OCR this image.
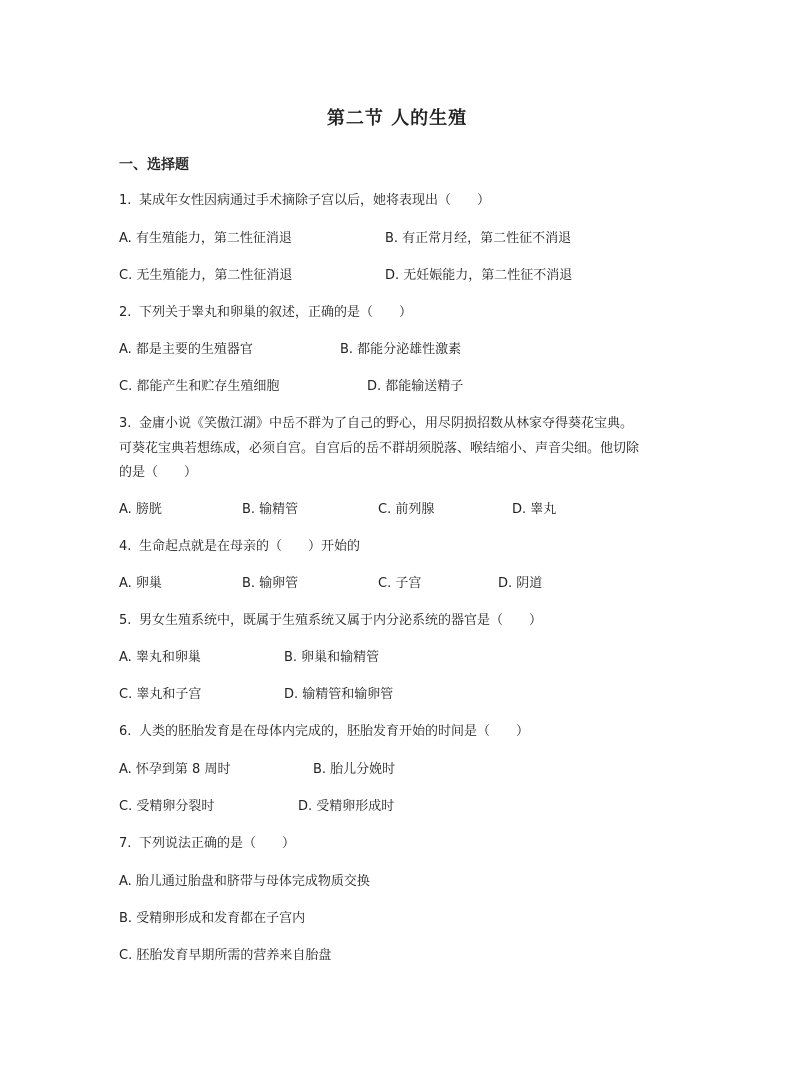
第二节 人的生殖
一、选择题
1. 某成年女性因病通过手术摘除子宫以后，她将表现出（　　）
A. 有生殖能力，第二性征消退	B. 有正常月经，第二性征不消退
C. 无生殖能力，第二性征消退	D. 无妊娠能力，第二性征不消退
2. 下列关于睾丸和卵巢的叙述，正确的是（　　）
A. 都是主要的生殖器官	B. 都能分泌雄性激素
C. 都能产生和贮存生殖细胞	D. 都能输送精子
3. 金庸小说《笑傲江湖》中岳不群为了自己的野心，用尽阴损招数从林家夺得葵花宝典。
可葵花宝典若想练成，必须自宫。自宫后的岳不群胡须脱落、喉结缩小、声音尖细。他切除
的是（　　）
A. 膀胱	B. 输精管	C. 前列腺	D. 睾丸
4. 生命起点就是在母亲的（　　）开始的
A. 卵巢	B. 输卵管	C. 子宫	D. 阴道
5. 男女生殖系统中，既属于生殖系统又属于内分泌系统的器官是（　　）
A. 睾丸和卵巢	B. 卵巢和输精管
C. 睾丸和子宫	D. 输精管和输卵管
6. 人类的胚胎发育是在母体内完成的，胚胎发育开始的时间是（　　）
A. 怀孕到第 8 周时	B. 胎儿分娩时
C. 受精卵分裂时	D. 受精卵形成时
7. 下列说法正确的是（　　）
A. 胎儿通过胎盘和脐带与母体完成物质交换
B. 受精卵形成和发育都在子宫内
C. 胚胎发育早期所需的营养来自胎盘
